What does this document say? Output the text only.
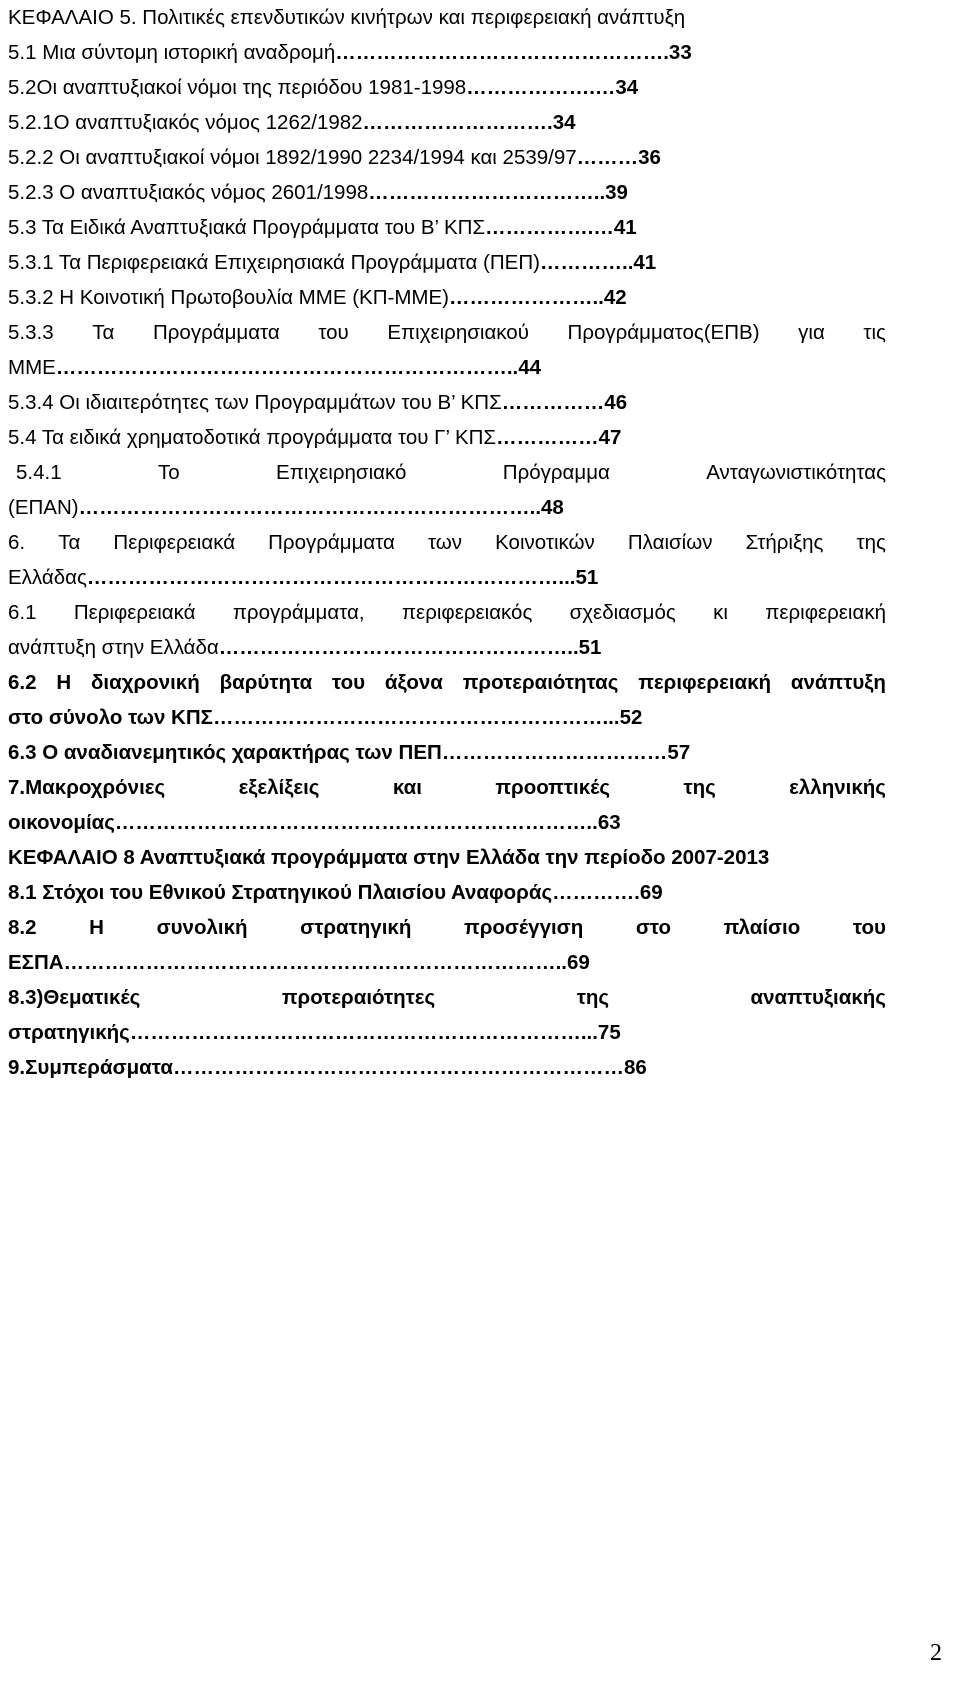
ΚΕΦΑΛΑΙΟ 5. Πολιτικές επενδυτικών κινήτρων και περιφερειακή ανάπτυξη
5.1 Μια σύντομη ιστορική αναδρομή………………………………………….33
5.2Οι αναπτυξιακοί νόμοι της περιόδου 1981-1998……………….…34
5.2.1Ο αναπτυξιακός νόμος 1262/1982……………………….34
5.2.2 Οι αναπτυξιακοί νόμοι 1892/1990 2234/1994 και 2539/97………36
5.2.3 Ο αναπτυξιακός νόμος 2601/1998……………………………..39
5.3 Τα Ειδικά Αναπτυξιακά Προγράμματα του Β’ ΚΠΣ…………….…41
5.3.1 Τα Περιφερειακά Επιχειρησιακά Προγράμματα (ΠΕΠ)…………..41
5.3.2 Η Κοινοτική Πρωτοβουλία ΜΜΕ (ΚΠ-ΜΜΕ)…………………..42
5.3.3 Τα Προγράμματα του Επιχειρησιακού Προγράμματος(ΕΠΒ) για τις
ΜΜΕ…………………………………………………………..44
5.3.4 Οι ιδιαιτερότητες των Προγραμμάτων του Β’ ΚΠΣ……………46
5.4 Τα ειδικά χρηματοδοτικά προγράμματα του Γ’ ΚΠΣ……………47
5.4.1	Το	Επιχειρησιακό	Πρόγραμμα	Ανταγωνιστικότητας
(ΕΠΑΝ)…………………………………………………………..48
6. Τα Περιφερειακά Προγράμματα των Κοινοτικών Πλαισίων Στήριξης της
Ελλάδας……………………………………………………………...51
6.1 Περιφερειακά προγράμματα, περιφερειακός σχεδιασμός κι περιφερειακή
ανάπτυξη στην Ελλάδα……………………………………………..51
6.2 Η διαχρονική βαρύτητα του άξονα προτεραιότητας περιφερειακή ανάπτυξη
στο σύνολο των ΚΠΣ…………………………………………………...52
6.3 Ο αναδιανεμητικός χαρακτήρας των ΠΕΠ……………………………57
7.Μακροχρόνιες	εξελίξεις	και	προοπτικές	της	ελληνικής
οικονομίας……………………………………………………………..63
ΚΕΦΑΛΑΙΟ 8 Αναπτυξιακά προγράμματα στην Ελλάδα την περίοδο 2007-2013
8.1 Στόχοι του Εθνικού Στρατηγικού Πλαισίου Αναφοράς………….69
8.2	Η	συνολική	στρατηγική	προσέγγιση	στο	πλαίσιο	του
ΕΣΠΑ………………………………………………………………..69
8.3)Θεματικές	προτεραιότητες	της	αναπτυξιακής
στρατηγικής…………………………………………………………...75
9.Συμπεράσματα…………………………………………………………86
2
